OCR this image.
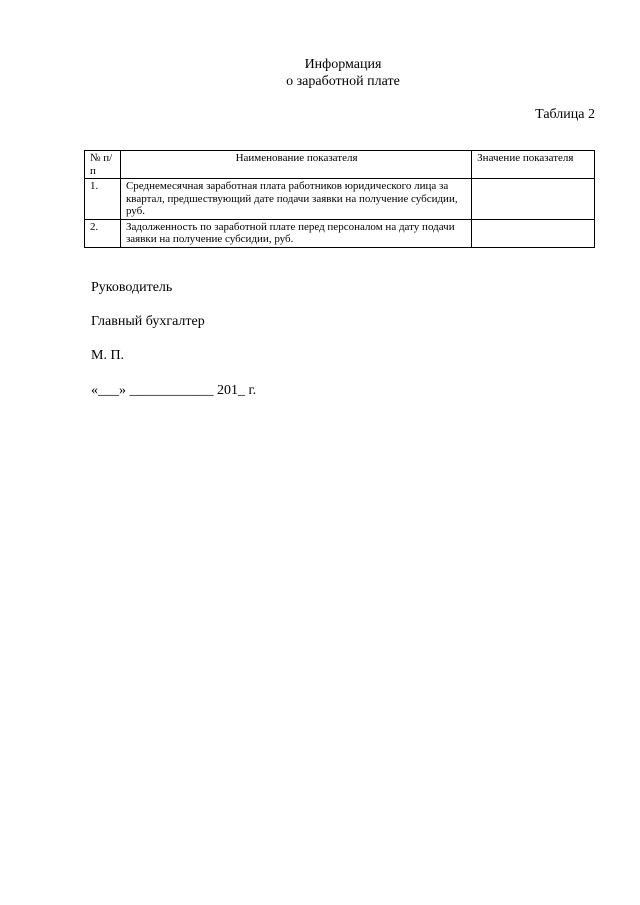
Информация
о заработной плате
Таблица 2
№ п/п	Наименование показателя	Значение показателя
1.	Среднемесячная заработная плата работников юридического лица за квартал, предшествующий дате подачи заявки на получение субсидии, руб.	
2.	Задолженность по заработной плате перед персоналом на дату подачи заявки на получение субсидии, руб.	
Руководитель
Главный бухгалтер
М. П.
«___» ____________ 201_ г.
